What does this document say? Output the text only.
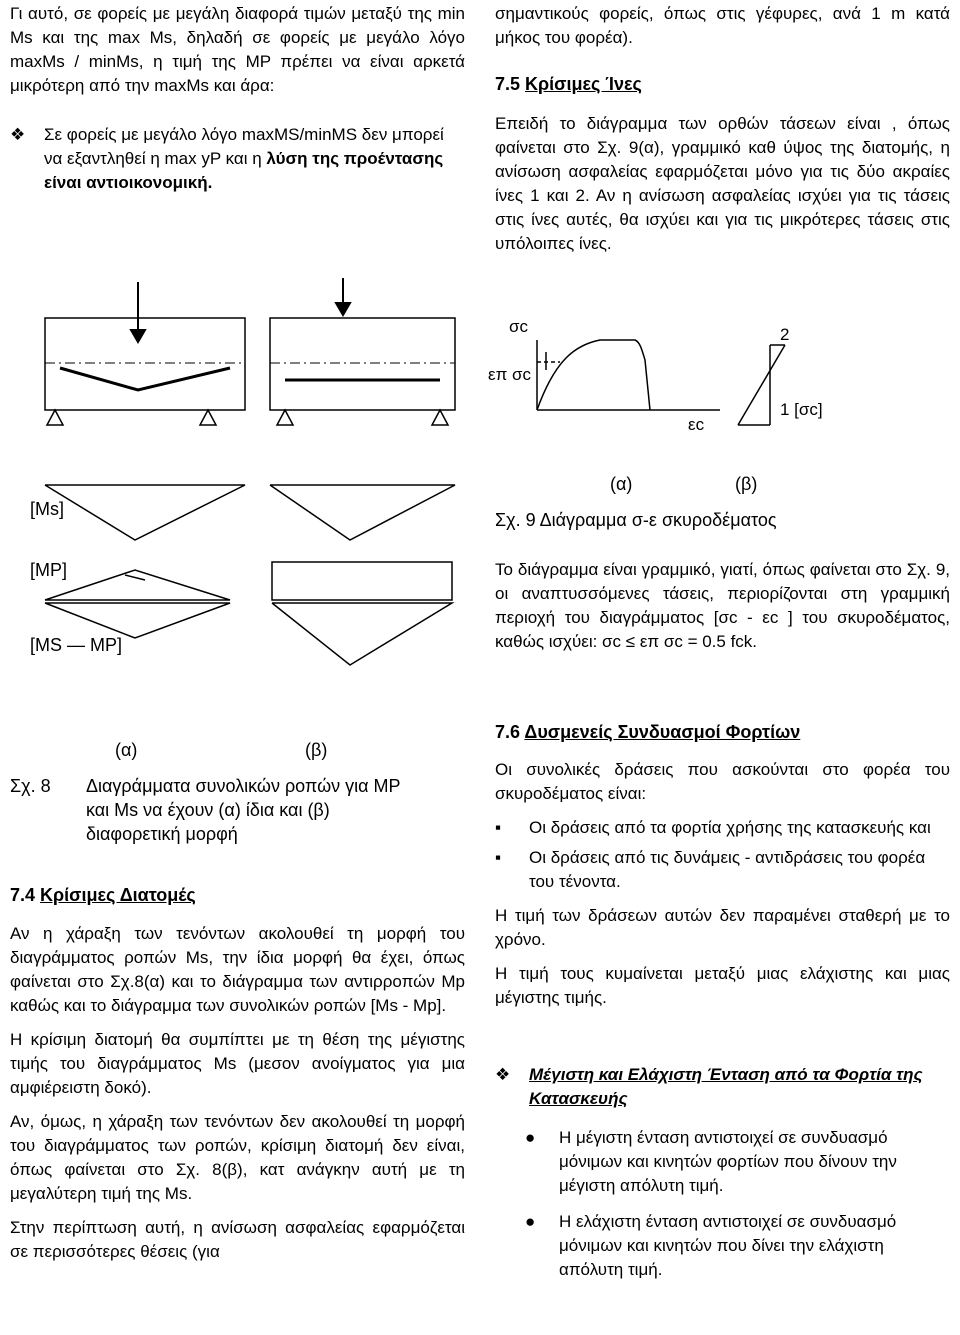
Γι αυτό, σε φορείς με μεγάλη διαφορά τιμών μεταξύ της min Ms και της max Ms, δηλαδή σε φορείς με μεγάλο λόγο maxMs / minMs, η τιμή της MP πρέπει να είναι αρκετά μικρότερη από την maxMs και άρα:

❖	Σε φορείς με μεγάλο λόγο maxMS/minMS δεν μπορεί να εξαντληθεί η max yP και η λύση της προέντασης είναι αντιοικονομική.
[Ms]
[MP]
[MS — MP]
(α)	(β)
Σχ. 8	Διαγράμματα συνολικών ροπών για MP και Ms να έχουν (α) ίδια και (β) διαφορετική μορφή
7.4 Κρίσιμες Διατομές

Αν η χάραξη των τενόντων ακολουθεί τη μορφή του διαγράμματος ροπών Ms, την ίδια μορφή θα έχει, όπως φαίνεται στο Σχ.8(α) και το διάγραμμα των αντιρροπών Mp καθώς και το διάγραμμα των συνολικών ροπών [Ms - Mp].

Η κρίσιμη διατομή θα συμπίπτει με τη θέση της μέγιστης τιμής του διαγράμματος Ms (μεσον ανοίγματος για μια αμφιέρειστη δοκό).

Αν, όμως, η χάραξη των τενόντων δεν ακολουθεί τη μορφή του διαγράμματος των ροπών, κρίσιμη διατομή δεν είναι, όπως φαίνεται στο Σχ. 8(β), κατ ανάγκην αυτή με τη μεγαλύτερη τιμή της Ms.

Στην περίπτωση αυτή, η ανίσωση ασφαλείας εφαρμόζεται σε περισσότερες θέσεις (για

σημαντικούς φορείς, όπως στις γέφυρες, ανά 1 m κατά μήκος του φορέα).

7.5 Κρίσιμες Ίνες

Επειδή το διάγραμμα των ορθών τάσεων είναι , όπως φαίνεται στο Σχ. 9(α), γραμμικό καθ ύψος της διατομής, η ανίσωση ασφαλείας εφαρμόζεται μόνο για τις δύο ακραίες ίνες 1 και 2. Αν η ανίσωση ασφαλείας ισχύει για τις τάσεις στις ίνες αυτές, θα ισχύει και για τις μικρότερες τάσεις στις υπόλοιπες ίνες.

σc
επ σc
εc
2
1 [σc]
(α)	(β)
Σχ. 9 Διάγραμμα σ-ε σκυροδέματος

Το διάγραμμα είναι γραμμικό, γιατί, όπως φαίνεται στο Σχ. 9, οι αναπτυσσόμενες τάσεις, περιορίζονται στη γραμμική περιοχή του διαγράμματος [σc - εc ] του σκυροδέματος, καθώς ισχύει: σc ≤ επ σc = 0.5 fck.

7.6 Δυσμενείς Συνδυασμοί Φορτίων

Οι συνολικές δράσεις που ασκούνται στο φορέα του σκυροδέματος είναι:

▪	Οι δράσεις από τα φορτία χρήσης της κατασκευής και
▪	Οι δράσεις από τις δυνάμεις - αντιδράσεις του φορέα του τένοντα.

Η τιμή των δράσεων αυτών δεν παραμένει σταθερή με το χρόνο.

Η τιμή τους κυμαίνεται μεταξύ μιας ελάχιστης και μιας μέγιστης τιμής.

❖	Μέγιστη και Ελάχιστη Ένταση από τα Φορτία της Κατασκευής
●	Η μέγιστη ένταση αντιστοιχεί σε συνδυασμό μόνιμων και κινητών φορτίων που δίνουν την μέγιστη απόλυτη τιμή.
●	Η ελάχιστη ένταση αντιστοιχεί σε συνδυασμό μόνιμων και κινητών που δίνει την ελάχιστη απόλυτη τιμή.
